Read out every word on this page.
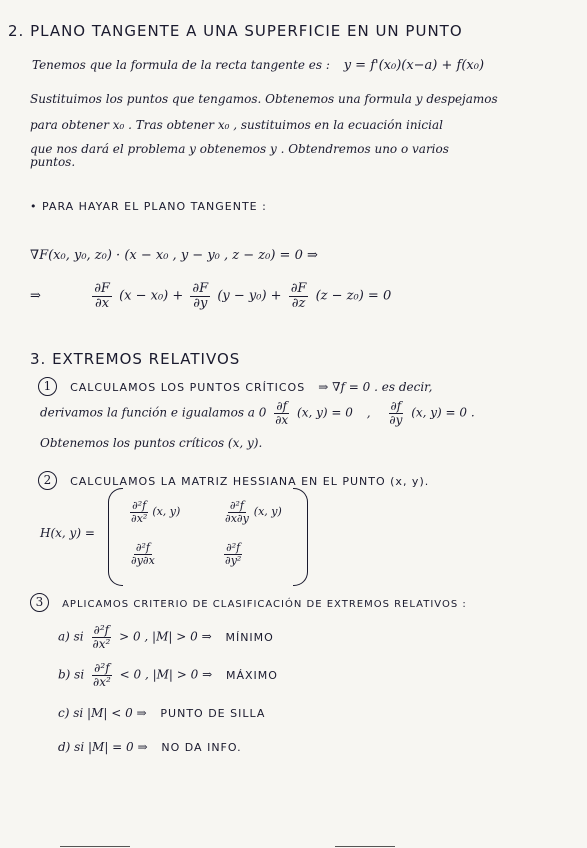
2. PLANO TANGENTE A UNA SUPERFICIE EN UN PUNTO
Tenemos que la formula de la recta tangente es : y = f'(x₀)(x−a) + f(x₀)
Sustituimos los puntos que tengamos. Obtenemos una formula y despejamos
para obtener x₀ . Tras obtener x₀ , sustituimos en la ecuación inicial
que nos dará el problema y obtenemos y . Obtendremos uno o varios
puntos.
• PARA HAYAR EL PLANO TANGENTE :
∇F(x₀, y₀, z₀) · (x − x₀ , y − y₀ , z − z₀) = 0 ⇒
⇒	$\frac{\partial F}{\partial x} (x - x_0) + \frac{\partial F}{\partial y} (y - y_0) + \frac{\partial F}{\partial z} (z - z_0) = 0$
3. EXTREMOS RELATIVOS
1 CALCULAMOS LOS PUNTOS CRÍTICOS ⇒ ∇f = 0 . es decir,
derivamos la función e igualamos a $0 \frac{\partial f}{\partial x} (x$, y) = 0 , $\frac{\partial f}{\partial y} (x$, y) = 0 .
Obtenemos los puntos críticos (x, y).
2 CALCULAMOS LA MATRIZ HESSIANA EN EL PUNTO (x, y).
H(x, y) =
$\frac{\text{∂²f}}{\text{∂x²}} (x$, y)	$\frac{\text{∂²f}}{\partial x\partial y} (x$, y)
$\frac{\text{∂²f}}{\partial y\partial x}$	$\frac{\text{∂²f}}{\text{∂y²}}$
3 APLICAMOS CRITERIO DE CLASIFICACIÓN DE EXTREMOS RELATIVOS :
a) si $\frac{\text{∂²f}}{\text{∂x²}} > 0$ , |M| > 0 ⇒ MÍNIMO
b) si $\frac{\text{∂²f}}{\text{∂x²}} < 0$ , |M| > 0 ⇒ MÁXIMO
c) si |M| < 0 ⇒ PUNTO DE SILLA
d) si |M| = 0 ⇒ NO DA INFO.
